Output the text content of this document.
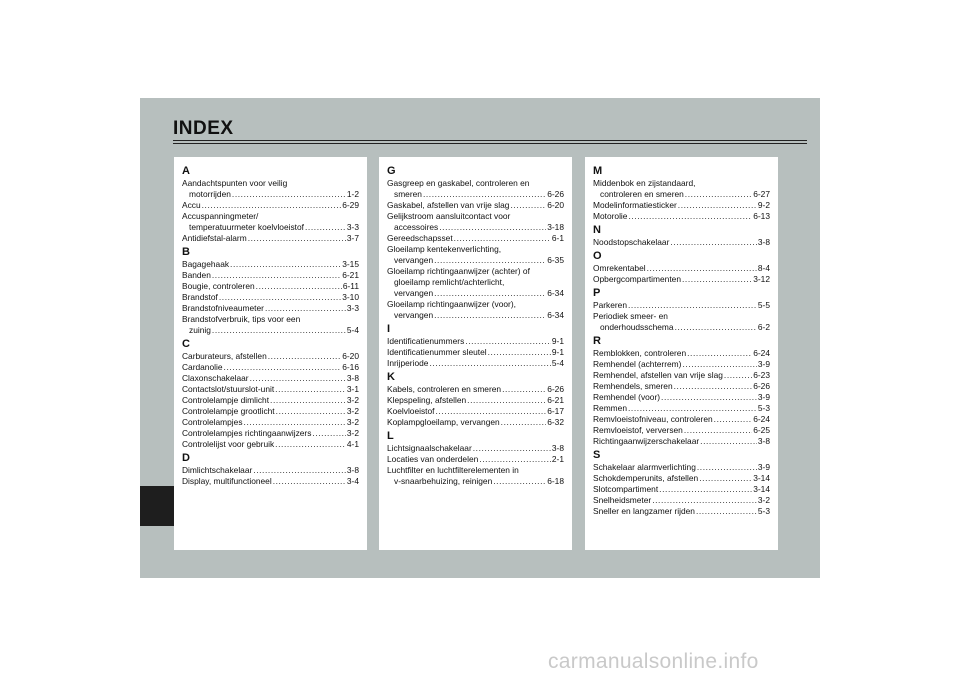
INDEX
A
Aandachtspunten voor veilig
motorrijden .....	1-2
Accu .....	6-29
Accuspanningmeter/
temperatuurmeter koelvloeistof .....	3-3
Antidiefstal-alarm .....	3-7
B
Bagagehaak .....	3-15
Banden .....	6-21
Bougie, controleren .....	6-11
Brandstof .....	3-10
Brandstofniveaumeter .....	3-3
Brandstofverbruik, tips voor een
zuinig .....	5-4
C
Carburateurs, afstellen .....	6-20
Cardanolie .....	6-16
Claxonschakelaar .....	3-8
Contactslot/stuurslot-unit .....	3-1
Controlelampje dimlicht .....	3-2
Controlelampje grootlicht .....	3-2
Controlelampjes .....	3-2
Controlelampjes richtingaanwijzers .....	3-2
Controlelijst voor gebruik .....	4-1
D
Dimlichtschakelaar .....	3-8
Display, multifunctioneel .....	3-4
G
Gasgreep en gaskabel, controleren en
smeren .....	6-26
Gaskabel, afstellen van vrije slag .....	6-20
Gelijkstroom aansluitcontact voor
accessoires .....	3-18
Gereedschapsset .....	6-1
Gloeilamp kentekenverlichting,
vervangen .....	6-35
Gloeilamp richtingaanwijzer (achter) of
gloeilamp remlicht/achterlicht,
vervangen .....	6-34
Gloeilamp richtingaanwijzer (voor),
vervangen .....	6-34
I
Identificatienummers .....	9-1
Identificatienummer sleutel .....	9-1
Inrijperiode .....	5-4
K
Kabels, controleren en smeren .....	6-26
Klepspeling, afstellen .....	6-21
Koelvloeistof .....	6-17
Koplampgloeilamp, vervangen .....	6-32
L
Lichtsignaalschakelaar .....	3-8
Locaties van onderdelen .....	2-1
Luchtfilter en luchtfilterelementen in
v-snaarbehuizing, reinigen .....	6-18
M
Middenbok en zijstandaard,
controleren en smeren .....	6-27
Modelinformatiesticker .....	9-2
Motorolie .....	6-13
N
Noodstopschakelaar .....	3-8
O
Omrekentabel .....	8-4
Opbergcompartimenten .....	3-12
P
Parkeren .....	5-5
Periodiek smeer- en
onderhoudsschema .....	6-2
R
Remblokken, controleren .....	6-24
Remhendel (achterrem) .....	3-9
Remhendel, afstellen van vrije slag .....	6-23
Remhendels, smeren .....	6-26
Remhendel (voor) .....	3-9
Remmen .....	5-3
Remvloeistofniveau, controleren .....	6-24
Remvloeistof, verversen .....	6-25
Richtingaanwijzerschakelaar .....	3-8
S
Schakelaar alarmverlichting .....	3-9
Schokdemperunits, afstellen .....	3-14
Slotcompartiment .....	3-14
Snelheidsmeter .....	3-2
Sneller en langzamer rijden .....	5-3
carmanualsonline.info
